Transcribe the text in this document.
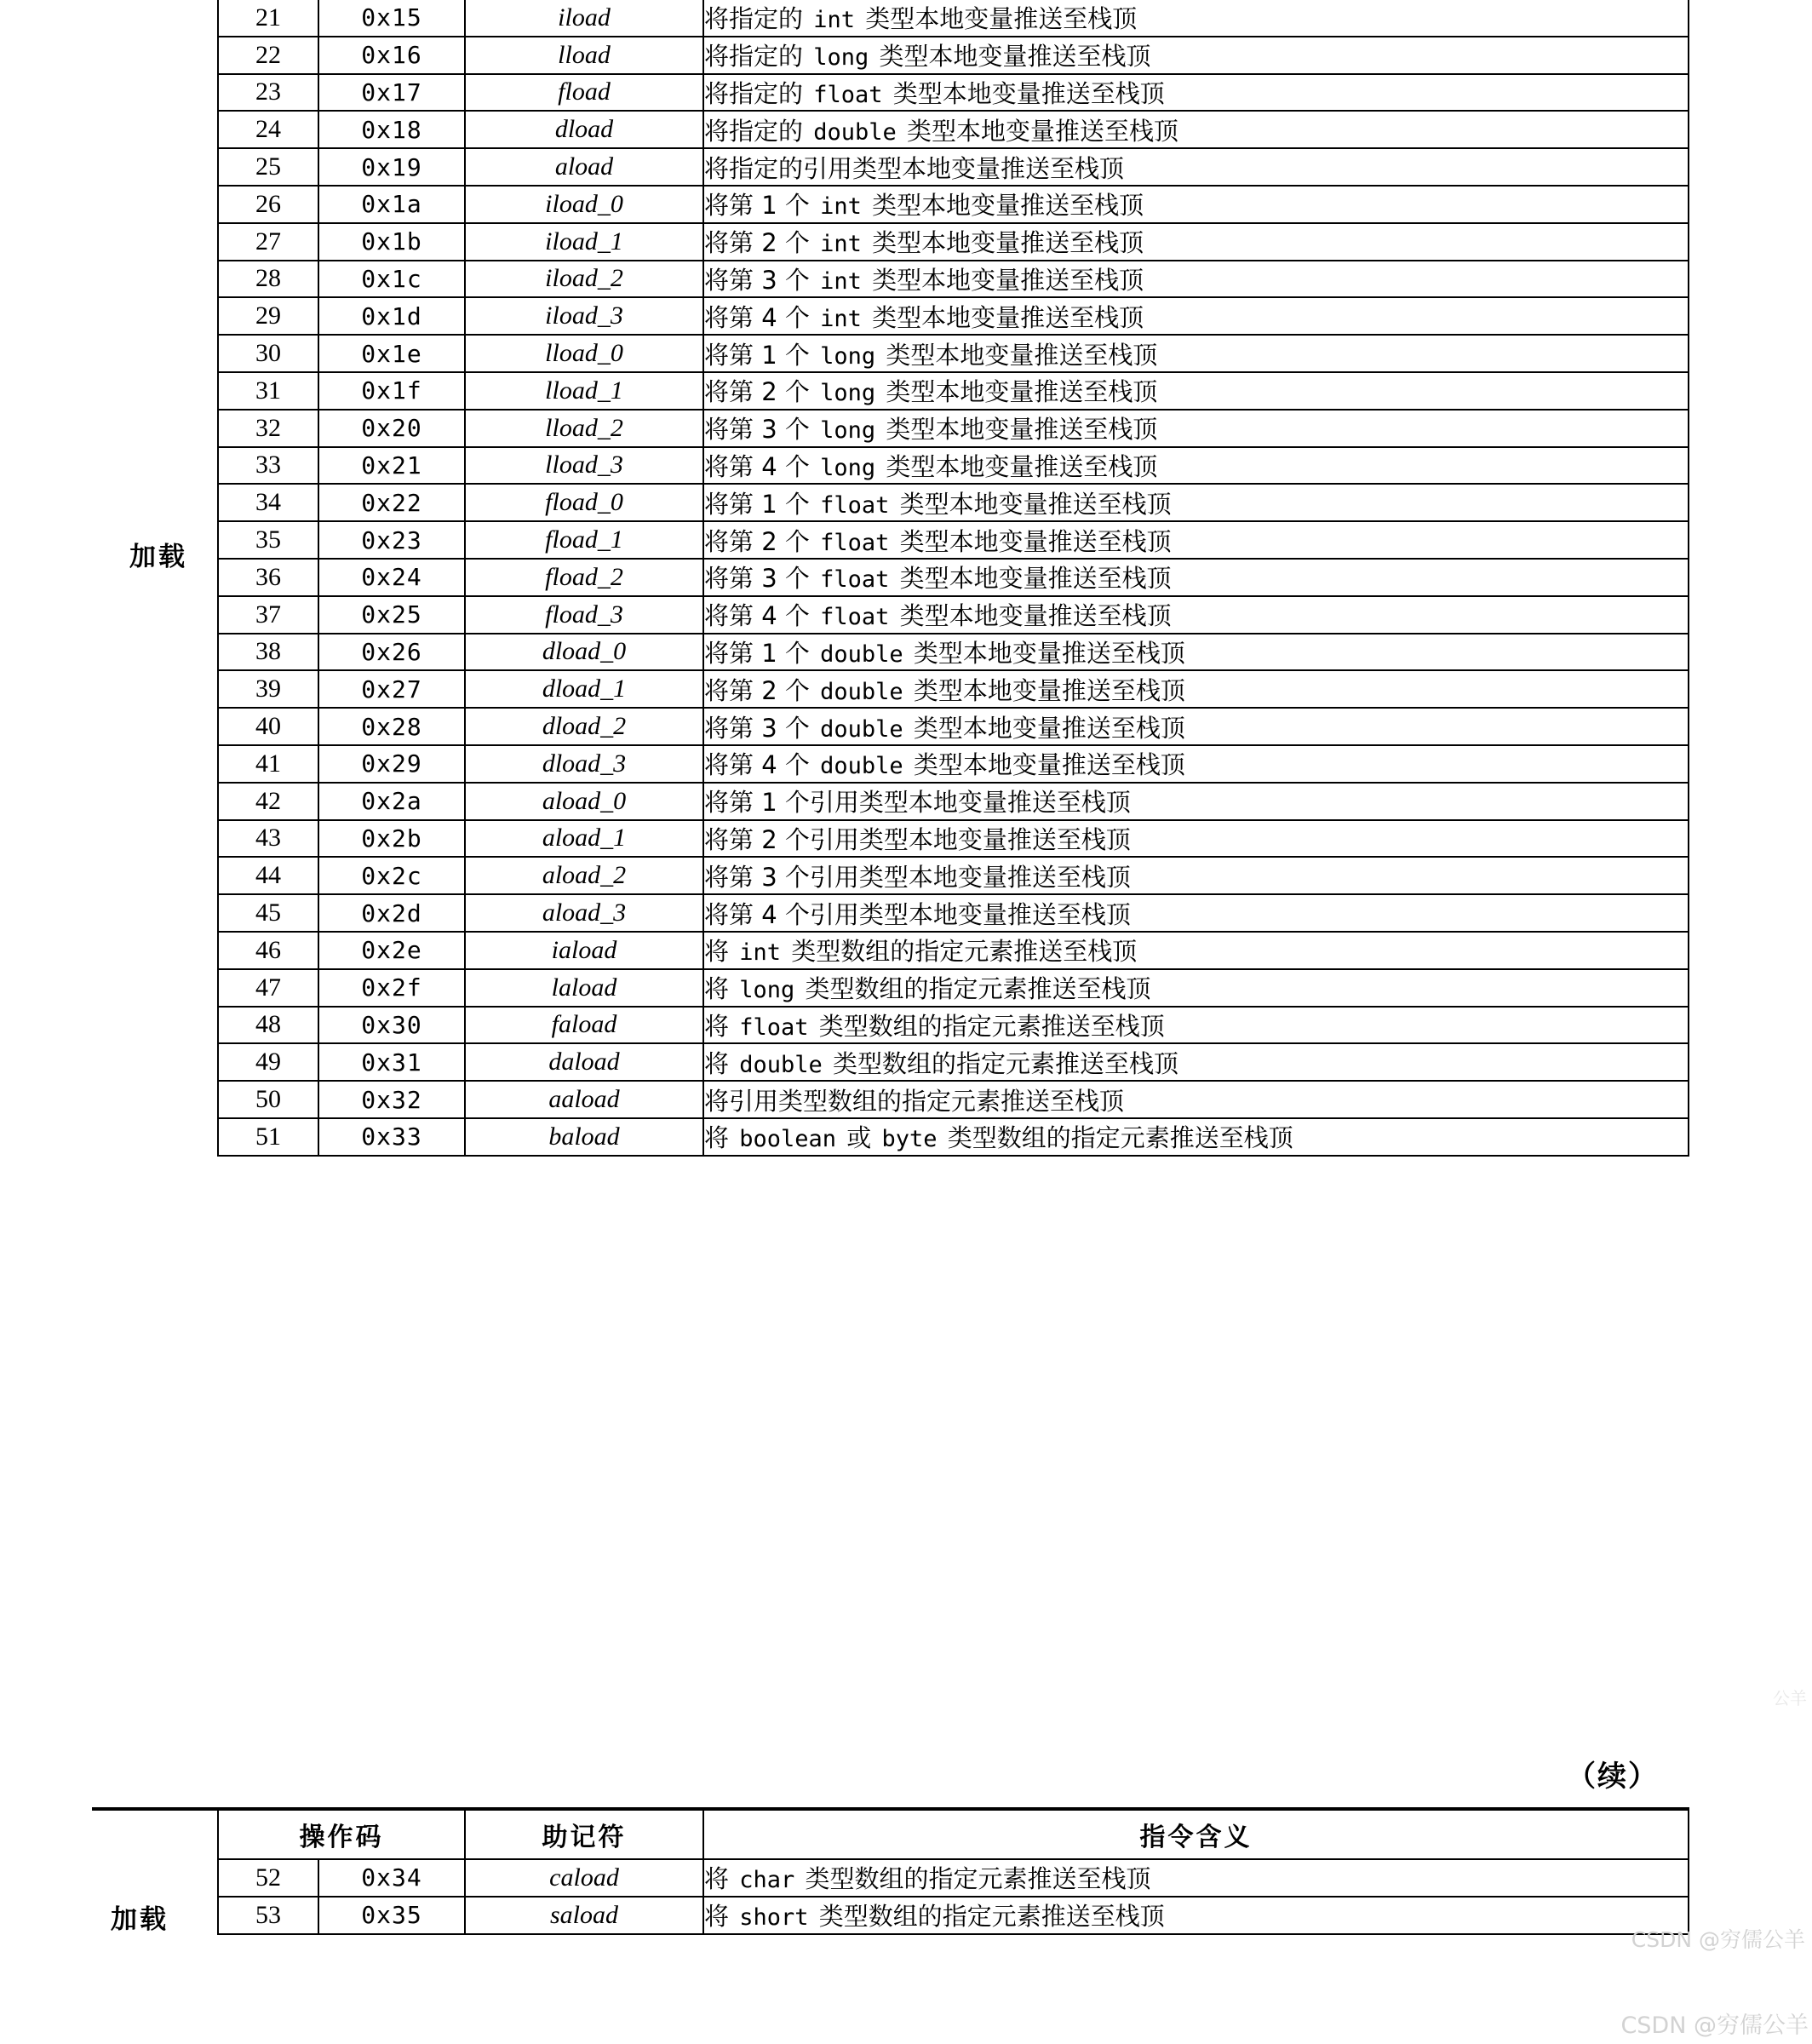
	21	0x15	iload	将指定的 int 类型本地变量推送至栈顶
	22	0x16	lload	将指定的 long 类型本地变量推送至栈顶
	23	0x17	fload	将指定的 float 类型本地变量推送至栈顶
	24	0x18	dload	将指定的 double 类型本地变量推送至栈顶
	25	0x19	aload	将指定的引用类型本地变量推送至栈顶
	26	0x1a	iload_0	将第 1 个 int 类型本地变量推送至栈顶
	27	0x1b	iload_1	将第 2 个 int 类型本地变量推送至栈顶
	28	0x1c	iload_2	将第 3 个 int 类型本地变量推送至栈顶
	29	0x1d	iload_3	将第 4 个 int 类型本地变量推送至栈顶
	30	0x1e	lload_0	将第 1 个 long 类型本地变量推送至栈顶
	31	0x1f	lload_1	将第 2 个 long 类型本地变量推送至栈顶
	32	0x20	lload_2	将第 3 个 long 类型本地变量推送至栈顶
	33	0x21	lload_3	将第 4 个 long 类型本地变量推送至栈顶
	34	0x22	fload_0	将第 1 个 float 类型本地变量推送至栈顶
	35	0x23	fload_1	将第 2 个 float 类型本地变量推送至栈顶
	36	0x24	fload_2	将第 3 个 float 类型本地变量推送至栈顶
	37	0x25	fload_3	将第 4 个 float 类型本地变量推送至栈顶
	38	0x26	dload_0	将第 1 个 double 类型本地变量推送至栈顶
	39	0x27	dload_1	将第 2 个 double 类型本地变量推送至栈顶
	40	0x28	dload_2	将第 3 个 double 类型本地变量推送至栈顶
	41	0x29	dload_3	将第 4 个 double 类型本地变量推送至栈顶
	42	0x2a	aload_0	将第 1 个引用类型本地变量推送至栈顶
	43	0x2b	aload_1	将第 2 个引用类型本地变量推送至栈顶
	44	0x2c	aload_2	将第 3 个引用类型本地变量推送至栈顶
	45	0x2d	aload_3	将第 4 个引用类型本地变量推送至栈顶
	46	0x2e	iaload	将 int 类型数组的指定元素推送至栈顶
	47	0x2f	laload	将 long 类型数组的指定元素推送至栈顶
	48	0x30	faload	将 float 类型数组的指定元素推送至栈顶
	49	0x31	daload	将 double 类型数组的指定元素推送至栈顶
	50	0x32	aaload	将引用类型数组的指定元素推送至栈顶
	51	0x33	baload	将 boolean 或 byte 类型数组的指定元素推送至栈顶
加载
（续）
	操作码		助记符	指令含义
	52	0x34	caload	将 char 类型数组的指定元素推送至栈顶
	53	0x35	saload	将 short 类型数组的指定元素推送至栈顶
加载
公羊
CSDN @穷儒公羊
CSDN @穷儒公羊
